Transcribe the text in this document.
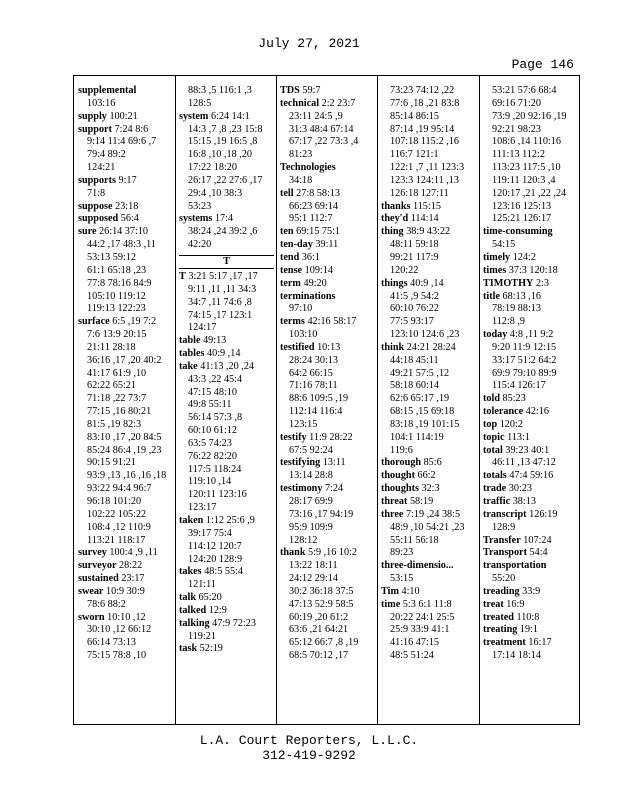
July 27, 2021
Page 146
supplemental
103:16
supply 100:21
support 7:24 8:6
9:14 11:4 69:6 ,7
79:4 89:2
124:21
supports 9:17
71:8
suppose 23:18
supposed 56:4
sure 26:14 37:10
44:2 ,17 48:3 ,11
53:13 59:12
61:1 65:18 ,23
77:8 78:16 84:9
105:10 119:12
119:13 122:23
surface 6:5 ,19 7:2
7:6 13:9 20:15
21:11 28:18
36:16 ,17 ,20 40:2
41:17 61:9 ,10
62:22 65:21
71:18 ,22 73:7
77:15 ,16 80:21
81:5 ,19 82:3
83:10 ,17 ,20 84:5
85:24 86:4 ,19 ,23
90:15 91:21
93:9 ,13 ,16 ,16 ,18
93:22 94:4 96:7
96:18 101:20
102:22 105:22
108:4 ,12 110:9
113:21 118:17
survey 100:4 ,9 ,11
surveyor 28:22
sustained 23:17
swear 10:9 30:9
78:6 88:2
sworn 10:10 ,12
30:10 ,12 66:12
66:14 73:13
75:15 78:8 ,10
88:3 ,5 116:1 ,3
128:5
system 6:24 14:1
14:3 ,7 ,8 ,23 15:8
15:15 ,19 16:5 ,8
16:8 ,10 ,18 ,20
17:22 18:20
26:17 ,22 27:6 ,17
29:4 ,10 38:3
53:23
systems 17:4
38:24 ,24 39:2 ,6
42:20
T
T 3:21 5:17 ,17 ,17
9:11 ,11 ,11 34:3
34:7 ,11 74:6 ,8
74:15 ,17 123:1
124:17
table 49:13
tables 40:9 ,14
take 41:13 ,20 ,24
43:3 ,22 45:4
47:15 48:10
49:8 55:11
56:14 57:3 ,8
60:10 61:12
63:5 74:23
76:22 82:20
117:5 118:24
119:10 ,14
120:11 123:16
123:17
taken 1:12 25:6 ,9
39:17 75:4
114:12 120:7
124:20 128:9
takes 48:5 55:4
121:11
talk 65:20
talked 12:9
talking 47:9 72:23
119:21
task 52:19
TDS 59:7
technical 2:2 23:7
23:11 24:5 ,9
31:3 48:4 67:14
67:17 ,22 73:3 ,4
81:23
Technologies
34:18
tell 27:8 58:13
66:23 69:14
95:1 112:7
ten 69:15 75:1
ten-day 39:11
tend 36:1
tense 109:14
term 49:20
terminations
97:10
terms 42:16 58:17
103:10
testified 10:13
28:24 30:13
64:2 66:15
71:16 78:11
88:6 109:5 ,19
112:14 116:4
123:15
testify 11:9 28:22
67:5 92:24
testifying 13:11
13:14 28:8
testimony 7:24
28:17 69:9
73:16 ,17 94:19
95:9 109:9
128:12
thank 5:9 ,16 10:2
13:22 18:11
24:12 29:14
30:2 36:18 37:5
47:13 52:9 58:5
60:19 ,20 61:2
63:6 ,21 64:21
65:12 66:7 ,8 ,19
68:5 70:12 ,17
73:23 74:12 ,22
77:6 ,18 ,21 83:8
85:14 86:15
87:14 ,19 95:14
107:18 115:2 ,16
116:7 121:1
122:1 ,7 ,11 123:3
123:3 124:11 ,13
126:18 127:11
thanks 115:15
they'd 114:14
thing 38:9 43:22
48:11 59:18
99:21 117:9
120:22
things 40:9 ,14
41:5 ,9 54:2
60:10 76:22
77:5 93:17
123:10 124:6 ,23
think 24:21 28:24
44:18 45:11
49:21 57:5 ,12
58:18 60:14
62:6 65:17 ,19
68:15 ,15 69:18
83:18 ,19 101:15
104:1 114:19
119:6
thorough 85:6
thought 66:2
thoughts 32:3
threat 58:19
three 7:19 ,24 38:5
48:9 ,10 54:21 ,23
55:11 56:18
89:23
three-dimensio...
53:15
Tim 4:10
time 5:3 6:1 11:8
20:22 24:1 25:5
25:9 33:9 41:1
41:16 47:15
48:5 51:24
53:21 57:6 68:4
69:16 71:20
73:9 ,20 92:16 ,19
92:21 98:23
108:6 ,14 110:16
111:13 112:2
113:23 117:5 ,10
119:11 120:3 ,4
120:17 ,21 ,22 ,24
123:16 125:13
125:21 126:17
time-consuming
54:15
timely 124:2
times 37:3 120:18
TIMOTHY 2:3
title 68:13 ,16
78:19 88:13
112:8 ,9
today 4:8 ,11 9:2
9:20 11:9 12:15
33:17 51:2 64:2
69:9 79:10 89:9
115:4 126:17
told 85:23
tolerance 42:16
top 120:2
topic 113:1
total 39:23 40:1
46:11 ,13 47:12
totals 47:4 59:16
trade 30:23
traffic 38:13
transcript 126:19
128:9
Transfer 107:24
Transport 54:4
transportation
55:20
treading 33:9
treat 16:9
treated 110:8
treating 19:1
treatment 16:17
17:14 18:14
L.A. Court Reporters, L.L.C.
312-419-9292
